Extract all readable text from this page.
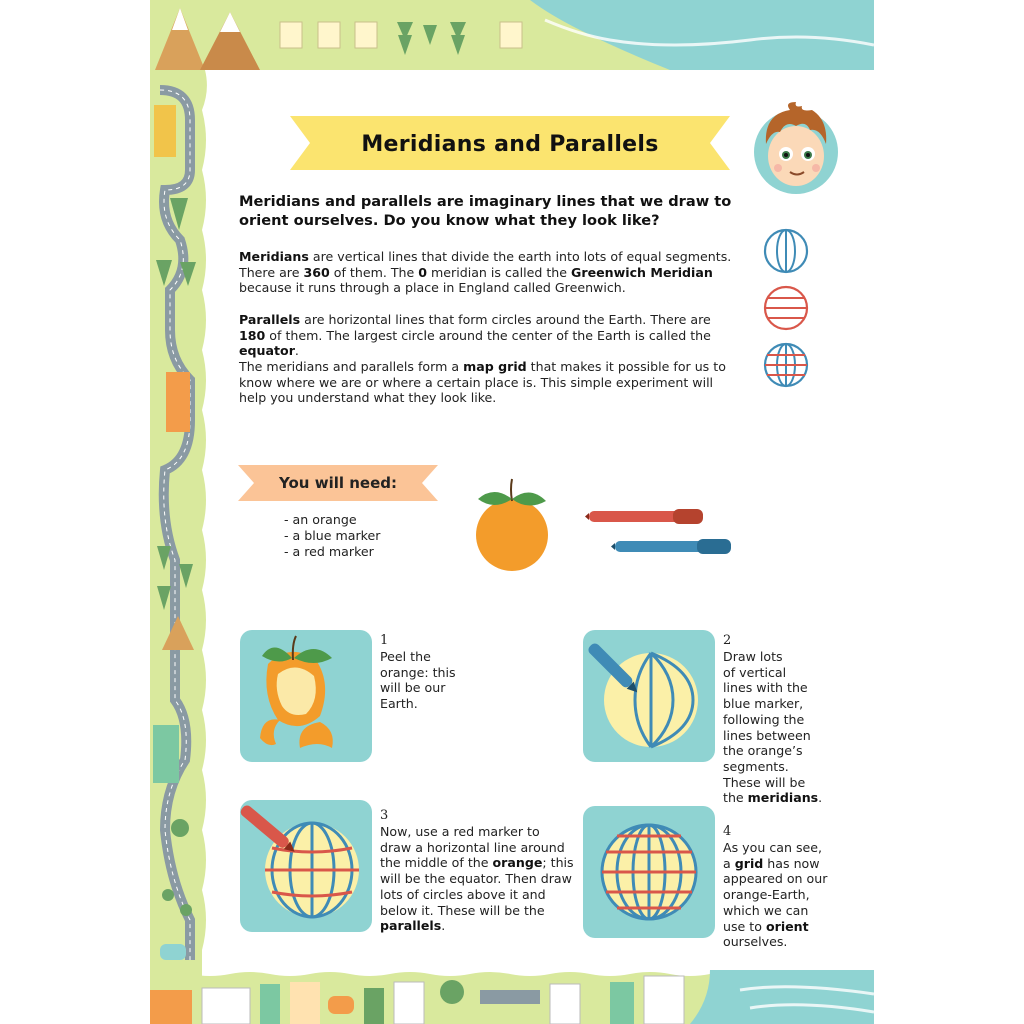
Meridians and Parallels
Meridians and parallels are imaginary lines that we draw to orient ourselves. Do you know what they look like?
Meridians are vertical lines that divide the earth into lots of equal segments. There are 360 of them. The 0 meridian is called the Greenwich Meridian because it runs through a place in England called Greenwich.
Parallels are horizontal lines that form circles around the Earth. There are 180 of them. The largest circle around the center of the Earth is called the equator.
The meridians and parallels form a map grid that makes it possible for us to know where we are or where a certain place is. This simple experiment will help you understand what they look like.
You will need:
- an orange
- a blue marker
- a red marker
1
Peel the
orange: this
will be our
Earth.
2
Draw lots
of vertical
lines with the
blue marker,
following the
lines between
the orange’s
segments.
These will be
the meridians.
3
Now, use a red marker to
draw a horizontal line around
the middle of the orange; this
will be the equator. Then draw
lots of circles above it and
below it. These will be the
parallels.
4
As you can see,
a grid has now
appeared on our
orange-Earth,
which we can
use to orient
ourselves.
